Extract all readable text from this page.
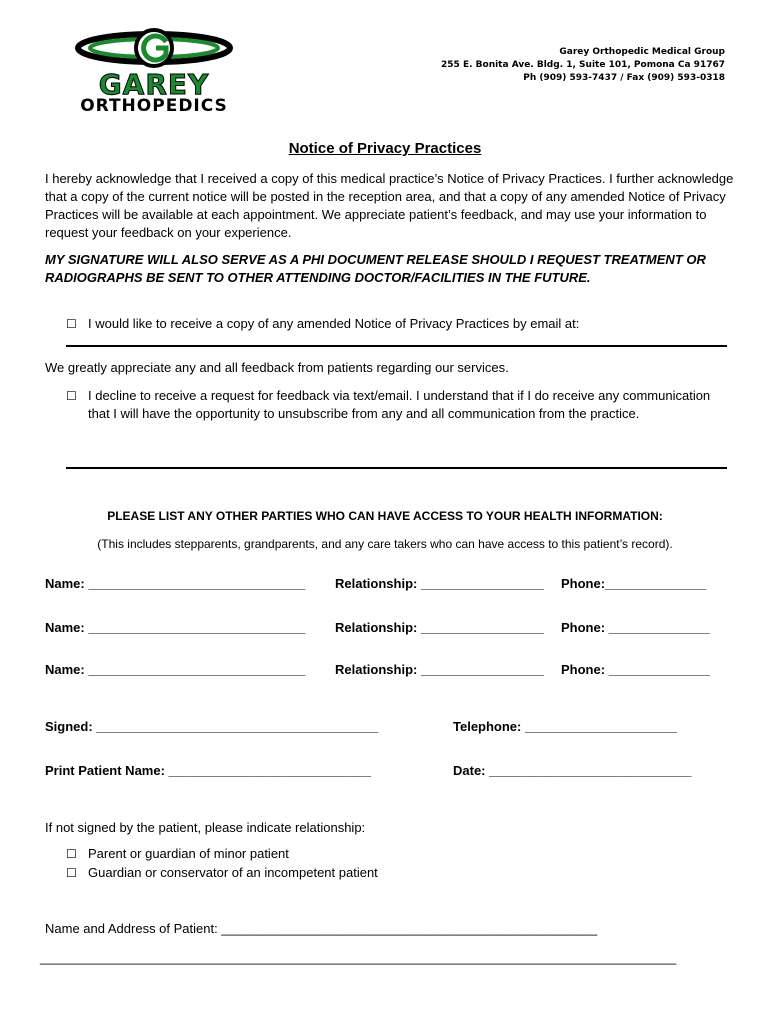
GAREY
ORTHOPEDICS
Garey Orthopedic Medical Group
255 E. Bonita Ave. Bldg. 1, Suite 101, Pomona Ca 91767
Ph (909) 593-7437 / Fax (909) 593-0318
Notice of Privacy Practices
I hereby acknowledge that I received a copy of this medical practice’s Notice of Privacy Practices. I further acknowledge that a copy of the current notice will be posted in the reception area, and that a copy of any amended Notice of Privacy Practices will be available at each appointment. We appreciate patient’s feedback, and may use your information to request your feedback on your experience.
MY SIGNATURE WILL ALSO SERVE AS A PHI DOCUMENT RELEASE SHOULD I REQUEST TREATMENT OR RADIOGRAPHS BE SENT TO OTHER ATTENDING DOCTOR/FACILITIES IN THE FUTURE.
☐ I would like to receive a copy of any amended Notice of Privacy Practices by email at:
We greatly appreciate any and all feedback from patients regarding our services.
☐ I decline to receive a request for feedback via text/email. I understand that if I do receive any communication that I will have the opportunity to unsubscribe from any and all communication from the practice.
PLEASE LIST ANY OTHER PARTIES WHO CAN HAVE ACCESS TO YOUR HEALTH INFORMATION:
(This includes stepparents, grandparents, and any care takers who can have access to this patient’s record).
Name: ______________________________ Relationship: _________________ Phone:______________
Name: ______________________________ Relationship: _________________ Phone: ______________
Name: ______________________________ Relationship: _________________ Phone: ______________
Signed: _______________________________________	Telephone: _____________________
Print Patient Name: ____________________________	Date: ____________________________
If not signed by the patient, please indicate relationship:
☐ Parent or guardian of minor patient
☐ Guardian or conservator of an incompetent patient
Name and Address of Patient: ____________________________________________________
________________________________________________________________________________________
